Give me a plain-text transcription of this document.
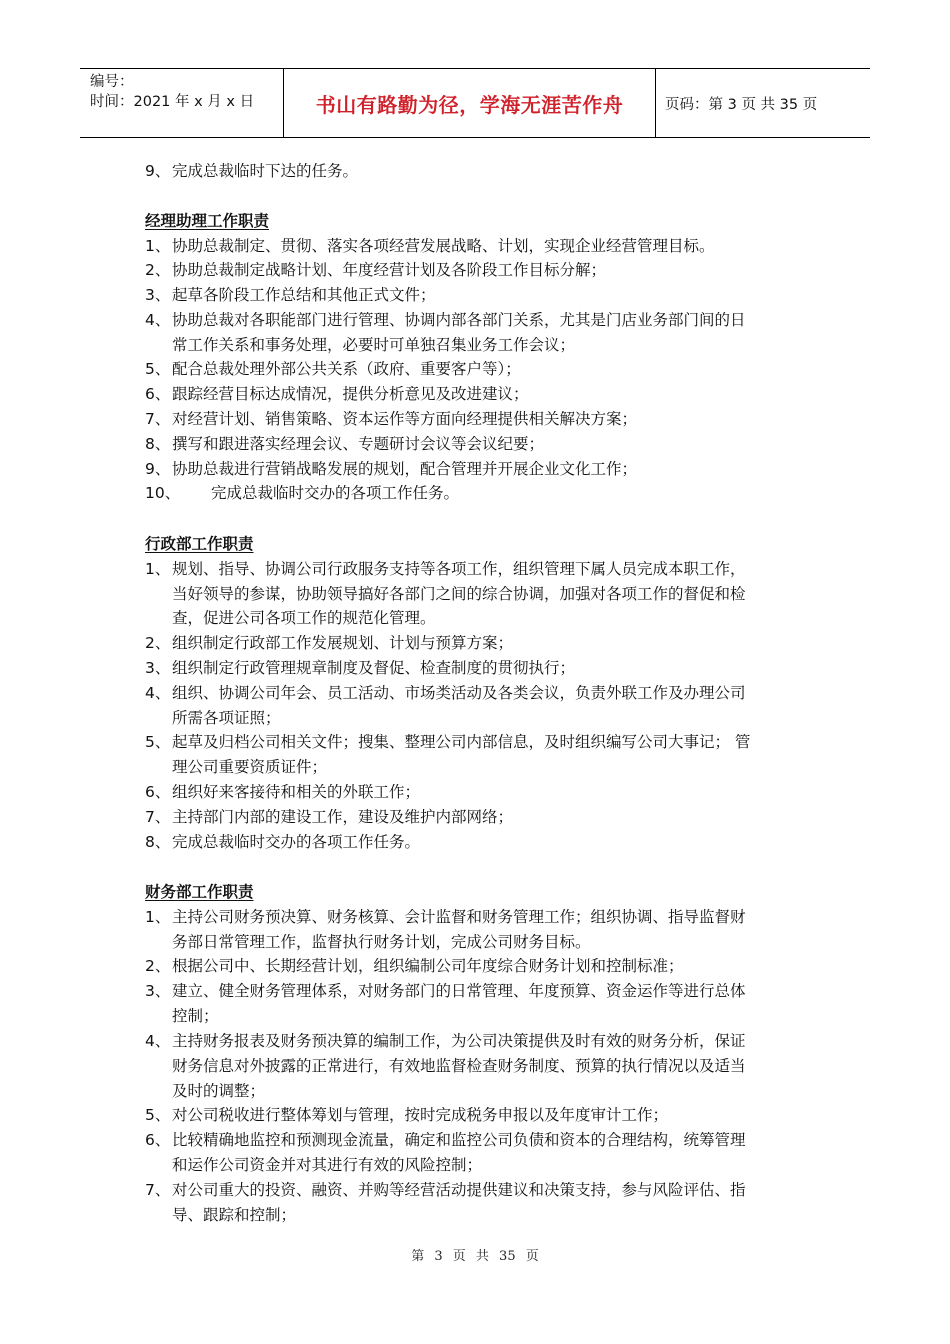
编号：
时间：2021 年 x 月 x 日	书山有路勤为径，学海无涯苦作舟	页码：第 3 页 共 35 页
9、 完成总裁临时下达的任务。
经理助理工作职责
1、 协助总裁制定、贯彻、落实各项经营发展战略、计划，实现企业经营管理目标。
2、 协助总裁制定战略计划、年度经营计划及各阶段工作目标分解；
3、 起草各阶段工作总结和其他正式文件；
4、 协助总裁对各职能部门进行管理、协调内部各部门关系，尤其是门店业务部门间的日
常工作关系和事务处理，必要时可单独召集业务工作会议；
5、 配合总裁处理外部公共关系（政府、重要客户等）；
6、 跟踪经营目标达成情况，提供分析意见及改进建议；
7、 对经营计划、销售策略、资本运作等方面向经理提供相关解决方案；
8、 撰写和跟进落实经理会议、专题研讨会议等会议纪要；
9、 协助总裁进行营销战略发展的规划，配合管理并开展企业文化工作；
10、 完成总裁临时交办的各项工作任务。
行政部工作职责
1、 规划、指导、协调公司行政服务支持等各项工作，组织管理下属人员完成本职工作，
当好领导的参谋，协助领导搞好各部门之间的综合协调，加强对各项工作的督促和检
查，促进公司各项工作的规范化管理。
2、 组织制定行政部工作发展规划、计划与预算方案；
3、 组织制定行政管理规章制度及督促、检查制度的贯彻执行；
4、 组织、协调公司年会、员工活动、市场类活动及各类会议，负责外联工作及办理公司
所需各项证照；
5、 起草及归档公司相关文件；搜集、整理公司内部信息，及时组织编写公司大事记； 管
理公司重要资质证件；
6、 组织好来客接待和相关的外联工作；
7、 主持部门内部的建设工作，建设及维护内部网络；
8、 完成总裁临时交办的各项工作任务。
财务部工作职责
1、 主持公司财务预决算、财务核算、会计监督和财务管理工作；组织协调、指导监督财
务部日常管理工作，监督执行财务计划，完成公司财务目标。
2、 根据公司中、长期经营计划，组织编制公司年度综合财务计划和控制标准；
3、 建立、健全财务管理体系，对财务部门的日常管理、年度预算、资金运作等进行总体
控制；
4、 主持财务报表及财务预决算的编制工作，为公司决策提供及时有效的财务分析，保证
财务信息对外披露的正常进行，有效地监督检查财务制度、预算的执行情况以及适当
及时的调整；
5、 对公司税收进行整体筹划与管理，按时完成税务申报以及年度审计工作；
6、 比较精确地监控和预测现金流量，确定和监控公司负债和资本的合理结构，统筹管理
和运作公司资金并对其进行有效的风险控制；
7、 对公司重大的投资、融资、并购等经营活动提供建议和决策支持，参与风险评估、指
导、跟踪和控制；
第 3 页 共 35 页
